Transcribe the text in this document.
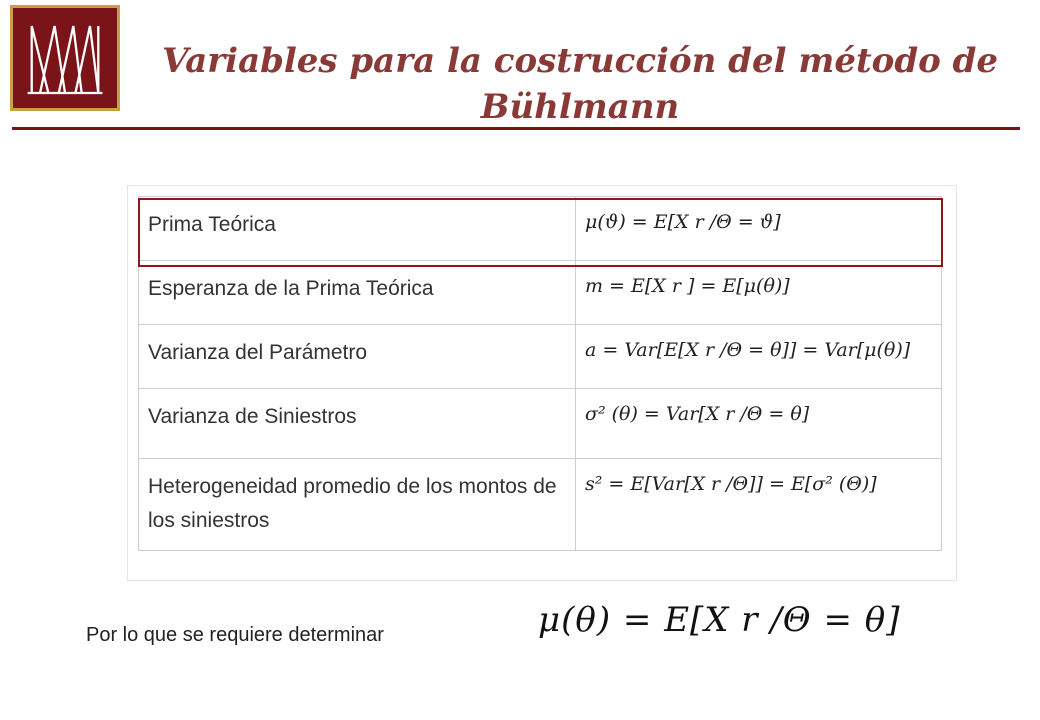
Variables para la costrucción del método de Bühlmann
Prima Teórica	μ(ϑ) = E[X r /Θ = ϑ]
Esperanza de la Prima Teórica	m = E[X r ] = E[μ(θ)]
Varianza del Parámetro	a = Var[E[X r /Θ = θ]] = Var[μ(θ)]
Varianza de Siniestros	σ² (θ) = Var[X r /Θ = θ]
Heterogeneidad promedio de los montos de los siniestros	s² = E[Var[X r /Θ]] = E[σ² (Θ)]
Por lo que se requiere determinar	μ(θ) = E[X r /Θ = θ]
